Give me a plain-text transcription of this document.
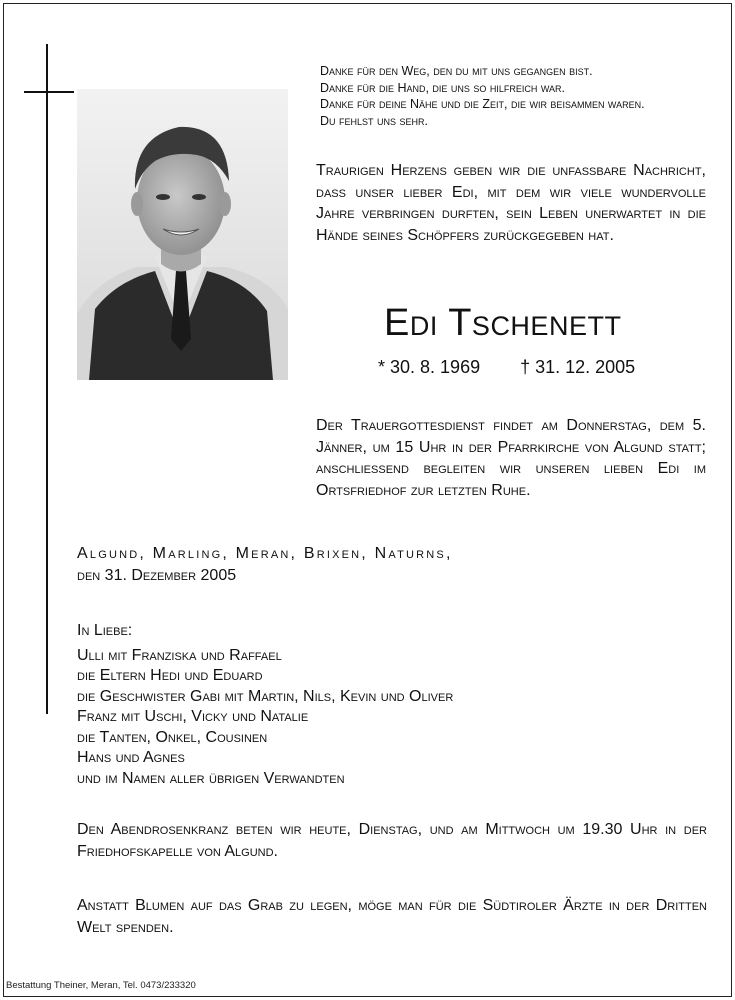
Danke für den Weg, den du mit uns gegangen bist.
Danke für die Hand, die uns so hilfreich war.
Danke für deine Nähe und die Zeit, die wir beisammen waren.
Du fehlst uns sehr.
Traurigen Herzens geben wir die unfassbare Nachricht, dass unser lieber Edi, mit dem wir viele wundervolle Jahre verbringen durften, sein Leben unerwartet in die Hände seines Schöpfers zurückgegeben hat.
Edi Tschenett
* 30. 8. 1969 † 31. 12. 2005
Der Trauergottesdienst findet am Donnerstag, dem 5. Jänner, um 15 Uhr in der Pfarrkirche von Algund statt; anschliessend begleiten wir unseren lieben Edi im Ortsfriedhof zur letzten Ruhe.
Algund, Marling, Meran, Brixen, Naturns,
den 31. Dezember 2005
In Liebe:
Ulli mit Franziska und Raffael
die Eltern Hedi und Eduard
die Geschwister Gabi mit Martin, Nils, Kevin und Oliver
Franz mit Uschi, Vicky und Natalie
die Tanten, Onkel, Cousinen
Hans und Agnes
und im Namen aller übrigen Verwandten
Den Abendrosenkranz beten wir heute, Dienstag, und am Mittwoch um 19.30 Uhr in der Friedhofskapelle von Algund.
Anstatt Blumen auf das Grab zu legen, möge man für die Südtiroler Ärzte in der Dritten Welt spenden.
Bestattung Theiner, Meran, Tel. 0473/233320
